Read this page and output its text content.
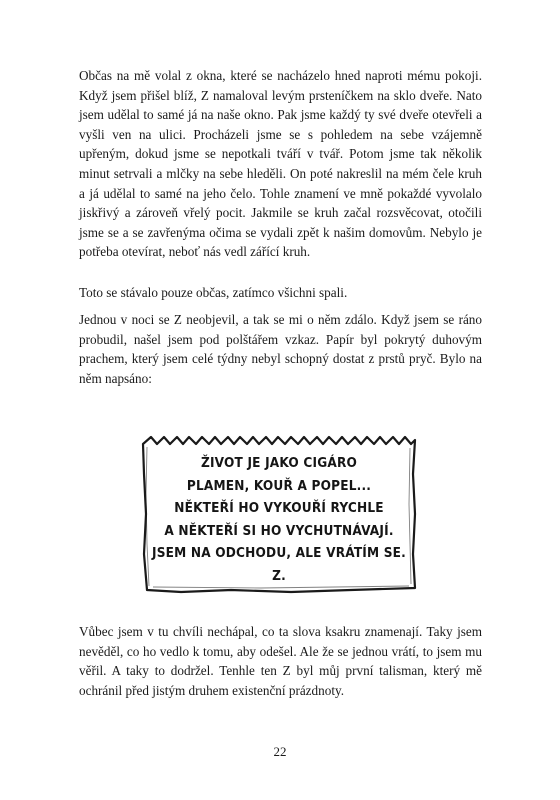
Občas na mě volal z okna, které se nacházelo hned naproti mému pokoji. Když jsem přišel blíž, Z namaloval levým prsteníčkem na sklo dveře. Nato jsem udělal to samé já na naše okno. Pak jsme každý ty své dveře otevřeli a vyšli ven na ulici. Procházeli jsme se s pohledem na sebe vzájemně upřeným, dokud jsme se nepotkali tváří v tvář. Potom jsme tak několik minut setrvali a mlčky na sebe hleděli. On poté nakreslil na mém čele kruh a já udělal to samé na jeho čelo. Tohle znamení ve mně pokaždé vyvolalo jiskřivý a zároveň vřelý pocit. Jakmile se kruh začal rozsvěcovat, otočili jsme se a se zavřenýma očima se vydali zpět k našim domovům. Nebylo je potřeba otevírat, neboť nás vedl zářící kruh.

Toto se stávalo pouze občas, zatímco všichni spali.

Jednou v noci se Z neobjevil, a tak se mi o něm zdálo. Když jsem se ráno probudil, našel jsem pod polštářem vzkaz. Papír byl pokrytý duhovým prachem, který jsem celé týdny nebyl schopný dostat z prstů pryč. Bylo na něm napsáno:

ŽIVOT JE JAKO CIGÁRO
PLAMEN, KOUŘ A POPEL...
NĚKTEŘÍ HO VYKOUŘÍ RYCHLE
A NĚKTEŘÍ SI HO VYCHUTNÁVAJÍ.
JSEM NA ODCHODU, ALE VRÁTÍM SE.
Z.

Vůbec jsem v tu chvíli nechápal, co ta slova ksakru znamenají. Taky jsem nevěděl, co ho vedlo k tomu, aby odešel. Ale že se jednou vrátí, to jsem mu věřil. A taky to dodržel. Tenhle ten Z byl můj první talisman, který mě ochránil před jistým druhem existenční prázdnoty.

22
